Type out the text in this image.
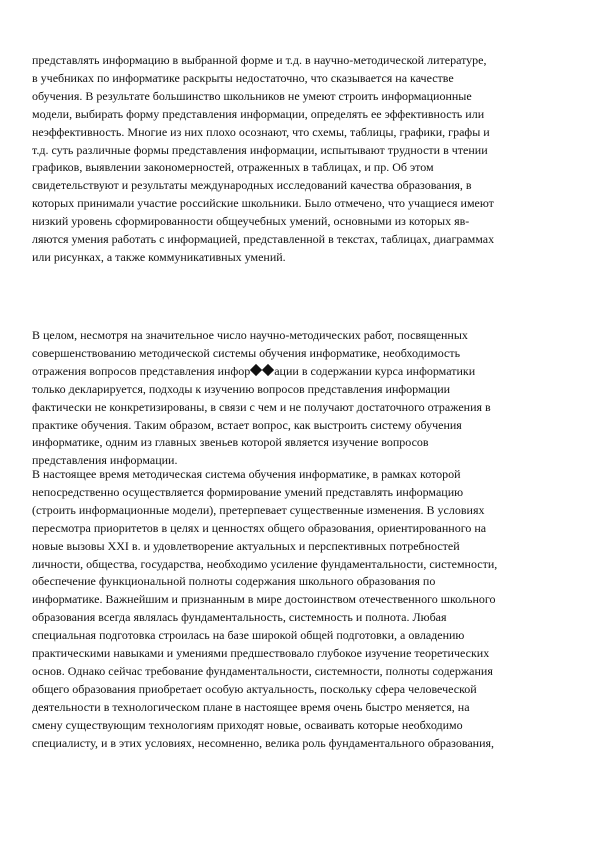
представлять информацию в выбранной форме и т.д. в научно-методической литературе,
в учебниках по информатике раскрыты недостаточно, что сказывается на качестве
обучения. В результате большинство школьников не умеют строить информационные
модели, выбирать форму представления информации, определять ее эффективность или
неэффективность. Многие из них плохо осознают, что схемы, таблицы, графики, графы и
т.д. суть различные формы представления информации, испытывают трудности в чтении
графиков, выявлении закономерностей, отраженных в таблицах, и пр. Об этом
свидетельствуют и результаты международных исследований качества образования, в
которых принимали участие российские школьники. Было отмечено, что учащиеся имеют
низкий уровень сформированности общеучебных умений, основными из которых яв-
ляются умения работать с информацией, представленной в текстах, таблицах, диаграммах
или рисунках, а также коммуникативных умений.

В целом, несмотря на значительное число научно-методических работ, посвященных
совершенствованию методической системы обучения информатике, необходимость
отражения вопросов представления инфор ации в содержании курса информатики
только декларируется, подходы к изучению вопросов представления информации
фактически не конкретизированы, в связи с чем и не получают достаточного отражения в
практике обучения. Таким образом, встает вопрос, как выстроить систему обучения
информатике, одним из главных звеньев которой является изучение вопросов
представления информации.

В настоящее время методическая система обучения информатике, в рамках которой
непосредственно осуществляется формирование умений представлять информацию
(строить информационные модели), претерпевает существенные изменения. В условиях
пересмотра приоритетов в целях и ценностях общего образования, ориентированного на
новые вызовы XXI в. и удовлетворение актуальных и перспективных потребностей
личности, общества, государства, необходимо усиление фундаментальности, системности,
обеспечение функциональной полноты содержания школьного образования по
информатике. Важнейшим и признанным в мире достоинством отечественного школьного
образования всегда являлась фундаментальность, системность и полнота. Любая
специальная подготовка строилась на базе широкой общей подготовки, а овладению
практическими навыками и умениями предшествовало глубокое изучение теоретических
основ. Однако сейчас требование фундаментальности, системности, полноты содержания
общего образования приобретает особую актуальность, поскольку сфера человеческой
деятельности в технологическом плане в настоящее время очень быстро меняется, на
смену существующим технологиям приходят новые, осваивать которые необходимо
специалисту, и в этих условиях, несомненно, велика роль фундаментального образования,
